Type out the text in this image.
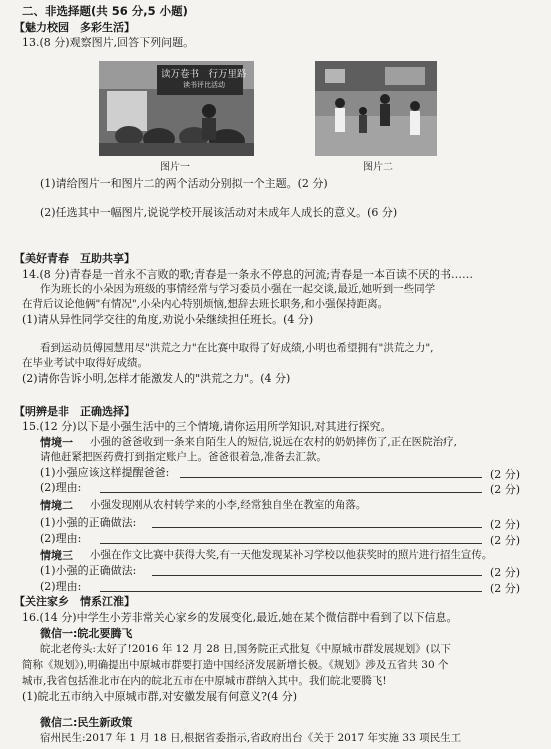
二、非选择题(共 56 分,5 小题)
【魅力校园　多彩生活】
13.(8 分)观察图片,回答下列问题。
读万卷书　行万里路
读书评比活动
图片一	图片二
(1)请给图片一和图片二的两个活动分别拟一个主题。(2 分)
(2)任选其中一幅图片,说说学校开展该活动对未成年人成长的意义。(6 分)
【美好青春　互助共享】
14.(8 分)青春是一首永不言败的歌;青春是一条永不停息的河流;青春是一本百读不厌的书……
作为班长的小朵因为班级的事情经常与学习委员小强在一起交谈,最近,她听到一些同学
在背后议论他俩"有情况",小朵内心特别烦恼,想辞去班长职务,和小强保持距离。
(1)请从异性同学交往的角度,劝说小朵继续担任班长。(4 分)
看到运动员傅园慧用尽"洪荒之力"在比赛中取得了好成绩,小明也希望拥有"洪荒之力",
在毕业考试中取得好成绩。
(2)请你告诉小明,怎样才能激发人的"洪荒之力"。(4 分)
【明辨是非　正确选择】
15.(12 分)以下是小强生活中的三个情境,请你运用所学知识,对其进行探究。
情境一 小强的爸爸收到一条来自陌生人的短信,说远在农村的奶奶摔伤了,正在医院治疗,
请他赶紧把医药费打到指定账户上。爸爸很着急,准备去汇款。
(1)小强应该这样提醒爸爸:	(2 分)
(2)理由:	(2 分)
情境二 小强发现刚从农村转学来的小李,经常独自坐在教室的角落。
(1)小强的正确做法:	(2 分)
(2)理由:	(2 分)
情境三 小强在作文比赛中获得大奖,有一天他发现某补习学校以他获奖时的照片进行招生宣传。
(1)小强的正确做法:	(2 分)
(2)理由:	(2 分)
【关注家乡　情系江淮】
16.(14 分)中学生小芳非常关心家乡的发展变化,最近,她在某个微信群中看到了以下信息。
微信一:皖北要腾飞
皖北老侉头:太好了!2016 年 12 月 28 日,国务院正式批复《中原城市群发展规划》(以下
简称《规划》),明确提出中原城市群要打造中国经济发展新增长极。《规划》涉及五省共 30 个
城市,我省包括淮北市在内的皖北五市在中原城市群纳入其中。我们皖北要腾飞!
(1)皖北五市纳入中原城市群,对安徽发展有何意义?(4 分)
微信二:民生新政策
宿州民生:2017 年 1 月 18 日,根据省委指示,省政府出台《关于 2017 年实施 33 项民生工
